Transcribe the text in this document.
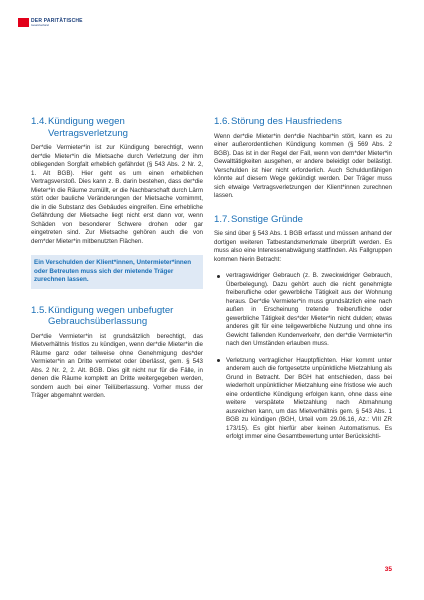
DER PARITÄTISCHE
Gesamtverband
1.4.Kündigung wegen
Vertragsverletzung

Der*die Vermieter*in ist zur Kündigung berechtigt, wenn der*die Mieter*in die Mietsache durch Verletzung der ihm obliegenden Sorgfalt erheblich gefährdet (§ 543 Abs. 2 Nr. 2, 1. Alt BGB). Hier geht es um einen erheblichen Vertragsverstoß. Dies kann z. B. darin bestehen, dass der*die Mieter*in die Räume zumüllt, er die Nachbarschaft durch Lärm stört oder bauliche Veränderungen der Mietsache vornimmt, die in die Substanz des Gebäudes eingreifen. Eine erhebliche Gefährdung der Mietsache liegt nicht erst dann vor, wenn Schäden von besonderer Schwere drohen oder gar eingetreten sind. Zur Mietsache gehören auch die von dem*der Mieter*in mitbenutzten Flächen.

Ein Verschulden der Klient*innen, Untermieter*innen oder Betreuten muss sich der mietende Träger zurechnen lassen.

1.5.Kündigung wegen unbefugter
Gebrauchsüberlassung

Der*die Vermieter*in ist grundsätzlich berechtigt, das Mietverhältnis fristlos zu kündigen, wenn der*die Mieter*in die Räume ganz oder teilweise ohne Genehmigung des*der Vermieter*in an Dritte vermietet oder überlässt, gem. § 543 Abs. 2 Nr. 2, 2. Alt. BGB. Dies gilt nicht nur für die Fälle, in denen die Räume komplett an Dritte weitergegeben werden, sondern auch bei einer Teilüberlassung. Vorher muss der Träger abgemahnt werden.

1.6.Störung des Hausfriedens

Wenn der*die Mieter*in den*die Nachbar*in stört, kann es zu einer außerordentlichen Kündigung kommen (§ 569 Abs. 2 BGB). Das ist in der Regel der Fall, wenn von dem*der Mieter*in Gewalttätigkeiten ausgehen, er andere beleidigt oder belästigt. Verschulden ist hier nicht erforderlich. Auch Schuldunfähigen könnte auf diesem Wege gekündigt werden. Der Träger muss sich etwaige Vertragsverletzungen der Klient*innen zurechnen lassen.

1.7.Sonstige Gründe

Sie sind über § 543 Abs. 1 BGB erfasst und müssen anhand der dortigen weiteren Tatbestandsmerkmale überprüft werden. Es muss also eine Interessenabwägung stattfinden. Als Fallgruppen kommen hierin Betracht:

vertragswidriger Gebrauch (z. B. zweckwidriger Gebrauch, Überbelegung). Dazu gehört auch die nicht genehmigte freiberufliche oder gewerbliche Tätigkeit aus der Wohnung heraus. Der*die Vermieter*in muss grundsätzlich eine nach außen in Erscheinung tretende freiberufliche oder gewerbliche Tätigkeit des*der Mieter*in nicht dulden; etwas anderes gilt für eine teilgewerbliche Nutzung und ohne ins Gewicht fallenden Kundenverkehr, den der*die Vermieter*in nach den Umständen erlauben muss.
Verletzung vertraglicher Hauptpflichten. Hier kommt unter anderem auch die fortgesetzte unpünktliche Mietzahlung als Grund in Betracht. Der BGH hat entschieden, dass bei wiederholt unpünktlicher Mietzahlung eine fristlose wie auch eine ordentliche Kündigung erfolgen kann, ohne dass eine weitere verspätete Mietzahlung nach Abmahnung ausreichen kann, um das Mietverhältnis gem. § 543 Abs. 1 BGB zu kündigen (BGH, Urteil vom 29.06.16, Az.: VIII ZR 173/15). Es gibt hierfür aber keinen Automatismus. Es erfolgt immer eine Gesamtbewertung unter Berücksichti-
35
